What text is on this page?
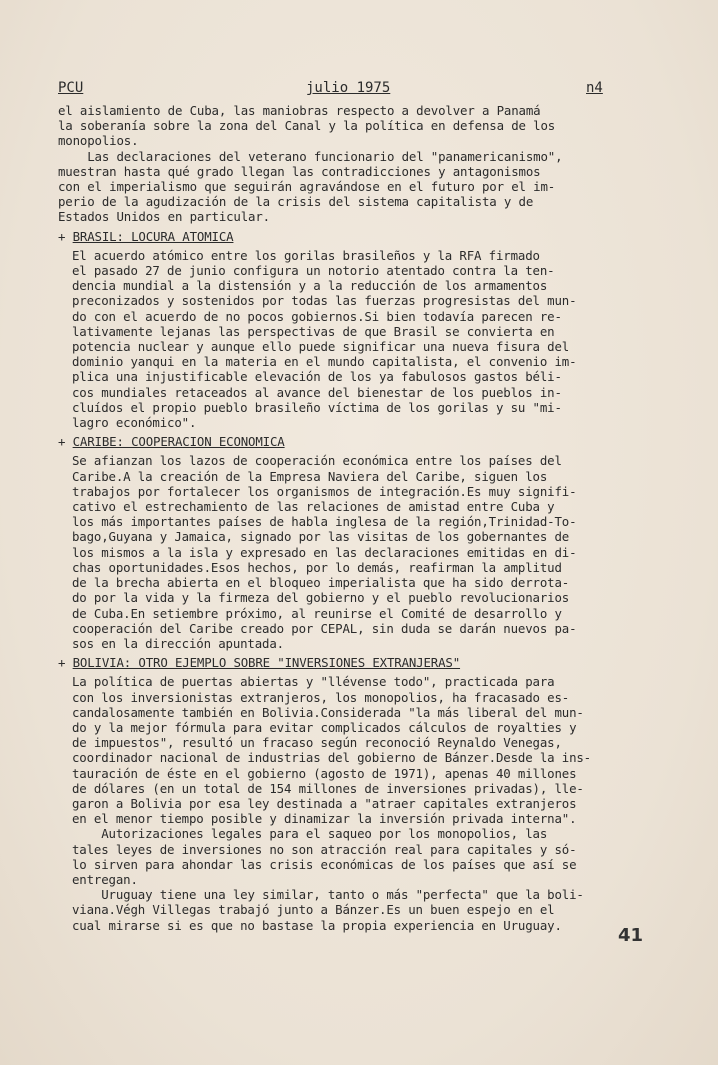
PCU	julio 1975	n4

el aislamiento de Cuba, las maniobras respecto a devolver a Panamá
la soberanía sobre la zona del Canal y la política en defensa de los
monopolios.

Las declaraciones del veterano funcionario del "panamericanismo",
muestran hasta qué grado llegan las contradicciones y antagonismos
con el imperialismo que seguirán agravándose en el futuro por el im-
perio de la agudización de la crisis del sistema capitalista y de
Estados Unidos en particular.

+ BRASIL: LOCURA ATOMICA

El acuerdo atómico entre los gorilas brasileños y la RFA firmado
el pasado 27 de junio configura un notorio atentado contra la ten-
dencia mundial a la distensión y a la reducción de los armamentos
preconizados y sostenidos por todas las fuerzas progresistas del mun-
do con el acuerdo de no pocos gobiernos.Si bien todavía parecen re-
lativamente lejanas las perspectivas de que Brasil se convierta en
potencia nuclear y aunque ello puede significar una nueva fisura del
dominio yanqui en la materia en el mundo capitalista, el convenio im-
plica una injustificable elevación de los ya fabulosos gastos béli-
cos mundiales retaceados al avance del bienestar de los pueblos in-
cluídos el propio pueblo brasileño víctima de los gorilas y su "mi-
lagro económico".

+ CARIBE: COOPERACION ECONOMICA

Se afianzan los lazos de cooperación económica entre los países del
Caribe.A la creación de la Empresa Naviera del Caribe, siguen los
trabajos por fortalecer los organismos de integración.Es muy signifi-
cativo el estrechamiento de las relaciones de amistad entre Cuba y
los más importantes países de habla inglesa de la región,Trinidad-To-
bago,Guyana y Jamaica, signado por las visitas de los gobernantes de
los mismos a la isla y expresado en las declaraciones emitidas en di-
chas oportunidades.Esos hechos, por lo demás, reafirman la amplitud
de la brecha abierta en el bloqueo imperialista que ha sido derrota-
do por la vida y la firmeza del gobierno y el pueblo revolucionarios
de Cuba.En setiembre próximo, al reunirse el Comité de desarrollo y
cooperación del Caribe creado por CEPAL, sin duda se darán nuevos pa-
sos en la dirección apuntada.

+ BOLIVIA: OTRO EJEMPLO SOBRE "INVERSIONES EXTRANJERAS"

La política de puertas abiertas y "llévense todo", practicada para
con los inversionistas extranjeros, los monopolios, ha fracasado es-
candalosamente también en Bolivia.Considerada "la más liberal del mun-
do y la mejor fórmula para evitar complicados cálculos de royalties y
de impuestos", resultó un fracaso según reconoció Reynaldo Venegas,
coordinador nacional de industrias del gobierno de Bánzer.Desde la ins-
tauración de éste en el gobierno (agosto de 1971), apenas 40 millones
de dólares (en un total de 154 millones de inversiones privadas), lle-
garon a Bolivia por esa ley destinada a "atraer capitales extranjeros
en el menor tiempo posible y dinamizar la inversión privada interna".
Autorizaciones legales para el saqueo por los monopolios, las
tales leyes de inversiones no son atracción real para capitales y só-
lo sirven para ahondar las crisis económicas de los países que así se
entregan.
Uruguay tiene una ley similar, tanto o más "perfecta" que la boli-
viana.Végh Villegas trabajó junto a Bánzer.Es un buen espejo en el
cual mirarse si es que no bastase la propia experiencia en Uruguay.	41
